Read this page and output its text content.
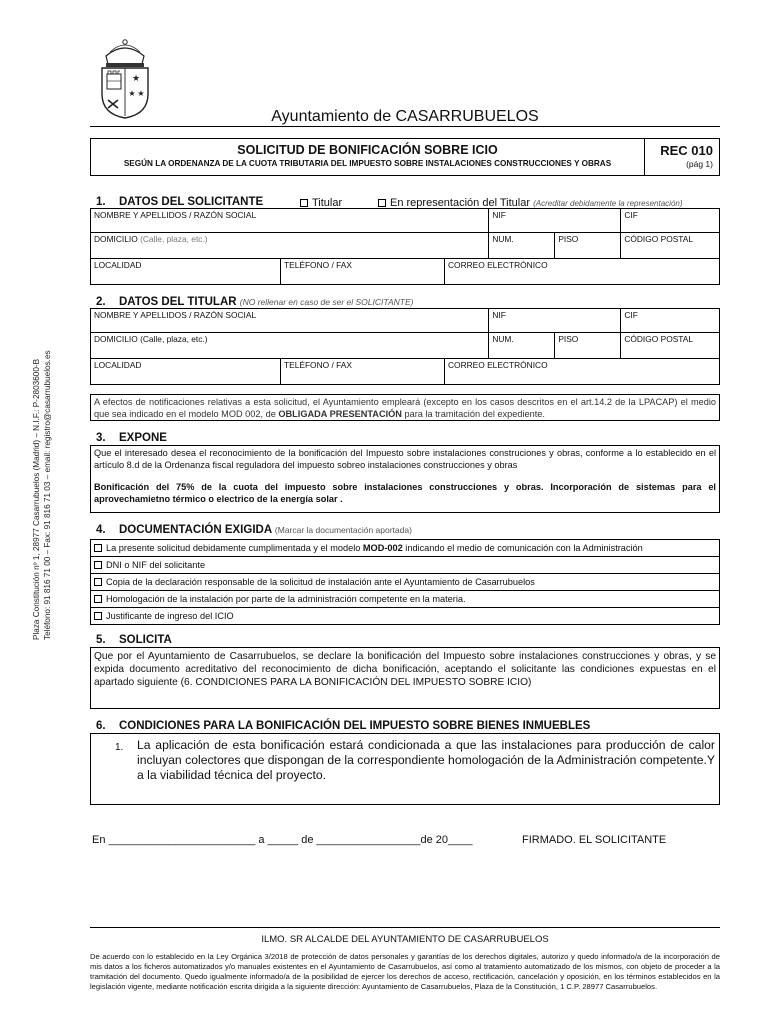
★
★ ★
Plaza Constitución nº 1, 28977 Casarrubuelos (Madrid) – N.I.F.: P-2803600-B Teléfono: 91 816 71 00 – Fax: 91 816 71 03 – email: registro@casarrubuelos.es
Ayuntamiento de CASARRUBUELOS
SOLICITUD DE BONIFICACIÓN SOBRE ICIO
SEGÚN LA ORDENANZA DE LA CUOTA TRIBUTARIA DEL IMPUESTO SOBRE INSTALACIONES CONSTRUCCIONES Y OBRAS
REC 010
(pág 1)
1. DATOS DEL SOLICITANTE	Titular	En representación del Titular (Acreditar debidamente la representación)
NOMBRE Y APELLIDOS / RAZÓN SOCIAL			NIF		CIF
DOMICILIO (Calle, plaza, etc.)			NUM.	PISO	CÓDIGO POSTAL
LOCALIDAD	TELÉFONO / FAX	CORREO ELECTRÓNICO			
2. DATOS DEL TITULAR (NO rellenar en caso de ser el SOLICITANTE)
NOMBRE Y APELLIDOS / RAZÓN SOCIAL			NIF		CIF
DOMICILIO (Calle, plaza, etc.)			NUM.	PISO	CÓDIGO POSTAL
LOCALIDAD	TELÉFONO / FAX	CORREO ELECTRÓNICO			
A efectos de notificaciones relativas a esta solicitud, el Ayuntamiento empleará (excepto en los casos descritos en el art.14.2 de la LPACAP) el medio que sea indicado en el modelo MOD 002, de OBLIGADA PRESENTACIÓN para la tramitación del expediente.
3. EXPONE
Que el interesado desea el reconocimiento de la bonificación del Impuesto sobre instalaciones construciones y obras, conforme a lo establecido en el artículo 8.d de la Ordenanza fiscal reguladora del impuesto sobreo instalaciones construcciones y obras
Bonificación del 75% de la cuota del impuesto sobre instalaciones construcciones y obras. Incorporación de sistemas para el aprovechamietno térmico o electrico de la energía solar .
4. DOCUMENTACIÓN EXIGIDA (Marcar la documentación aportada)
La presente solicitud debidamente cumplimentada y el modelo MOD-002 indicando el medio de comunicación con la Administración
DNI o NIF del solicitante
Copia de la declaración responsable de la solicitud de instalación ante el Ayuntamiento de Casarrubuelos
Homologación de la instalación por parte de la administración competente en la materia.
Justificante de ingreso del ICIO
5. SOLICITA
Que por el Ayuntamiento de Casarrubuelos, se declare la bonificación del Impuesto sobre instalaciones construcciones y obras, y se expida documento acreditativo del reconocimiento de dicha bonificación, aceptando el solicitante las condiciones expuestas en el apartado siguiente (6. CONDICIONES PARA LA BONIFICACIÓN DEL IMPUESTO SOBRE ICIO)
6. CONDICIONES PARA LA BONIFICACIÓN DEL IMPUESTO SOBRE BIENES INMUEBLES
1. La aplicación de esta bonificación estará condicionada a que las instalaciones para producción de calor incluyan colectores que dispongan de la correspondiente homologación de la Administración competente.Y a la viabilidad técnica del proyecto.
En ________________________ a _____ de _________________de 20____	FIRMADO. EL SOLICITANTE
ILMO. SR ALCALDE DEL AYUNTAMIENTO DE CASARRUBUELOS
De acuerdo con lo establecido en la Ley Orgánica 3/2018 de protección de datos personales y garantías de los derechos digitales, autorizo y quedo informado/a de la incorporación de mis datos a los ficheros automatizados y/o manuales existentes en el Ayuntamiento de Casarrubuelos, así como al tratamiento automatizado de los mismos, con objeto de proceder a la tramitación del documento. Quedo igualmente informado/a de la posibilidad de ejercer los derechos de acceso, rectificación, cancelación y oposición, en los términos establecidos en la legislación vigente, mediante notificación escrita dirigida a la siguiente dirección: Ayuntamiento de Casarrubuelos, Plaza de la Constitución, 1 C.P. 28977 Casarrubuelos.
